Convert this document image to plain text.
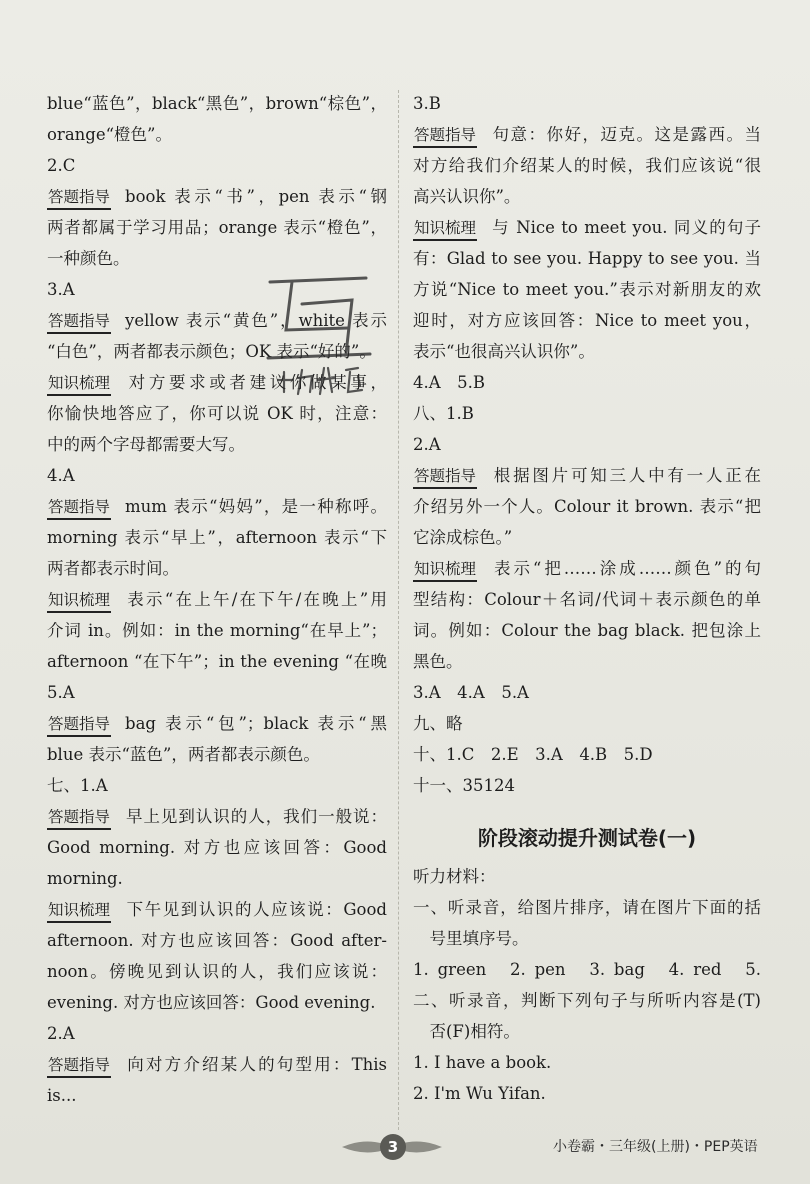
blue“蓝色”，black“黑色”，brown“棕色”，
orange“橙色”。
2.C
答题指导 book 表示“书”，pen 表示“钢
两者都属于学习用品；orange 表示“橙色”，
一种颜色。
3.A
答题指导 yellow 表示“黄色”，white 表示
“白色”，两者都表示颜色；OK 表示“好的”。
知识梳理 对方要求或者建议你做某事，
你愉快地答应了，你可以说 OK 时，注意：
中的两个字母都需要大写。
4.A
答题指导 mum 表示“妈妈”，是一种称呼。
morning 表示“早上”，afternoon 表示“下
两者都表示时间。
知识梳理 表示“在上午/在下午/在晚上”用
介词 in。例如：in the morning“在早上”；
afternoon “在下午”；in the evening “在晚
5.A
答题指导 bag 表示“包”；black 表示“黑
blue 表示“蓝色”，两者都表示颜色。
七、1.A
答题指导 早上见到认识的人，我们一般说：
Good morning. 对方也应该回答：Good
morning.
知识梳理 下午见到认识的人应该说：Good
afternoon. 对方也应该回答：Good after-
noon。傍晚见到认识的人，我们应该说：
evening. 对方也应该回答：Good evening.
2.A
答题指导 向对方介绍某人的句型用：This
is...
3.B
答题指导 句意：你好，迈克。这是露西。当
对方给我们介绍某人的时候，我们应该说“很
高兴认识你”。
知识梳理 与 Nice to meet you. 同义的句子
有：Glad to see you. Happy to see you. 当
方说“Nice to meet you.”表示对新朋友的欢
迎时，对方应该回答：Nice to meet you，
表示“也很高兴认识你”。
4.A　5.B
八、1.B
2.A
答题指导 根据图片可知三人中有一人正在
介绍另外一个人。Colour it brown. 表示“把
它涂成棕色。”
知识梳理 表示“把……涂成……颜色”的句
型结构：Colour＋名词/代词＋表示颜色的单
词。例如：Colour the bag black. 把包涂上
黑色。
3.A　4.A　5.A
九、略
十、1.C　2.E　3.A　4.B　5.D
十一、35124
阶段滚动提升测试卷(一)
听力材料：
一、听录音，给图片排序，请在图片下面的括
　号里填序号。
1. green　2. pen　3. bag　4. red　5.
二、听录音，判断下列句子与所听内容是(T)
　否(F)相符。
1. I have a book.
2. I'm Wu Yifan.
3	小卷霸・三年级(上册)・PEP英语
